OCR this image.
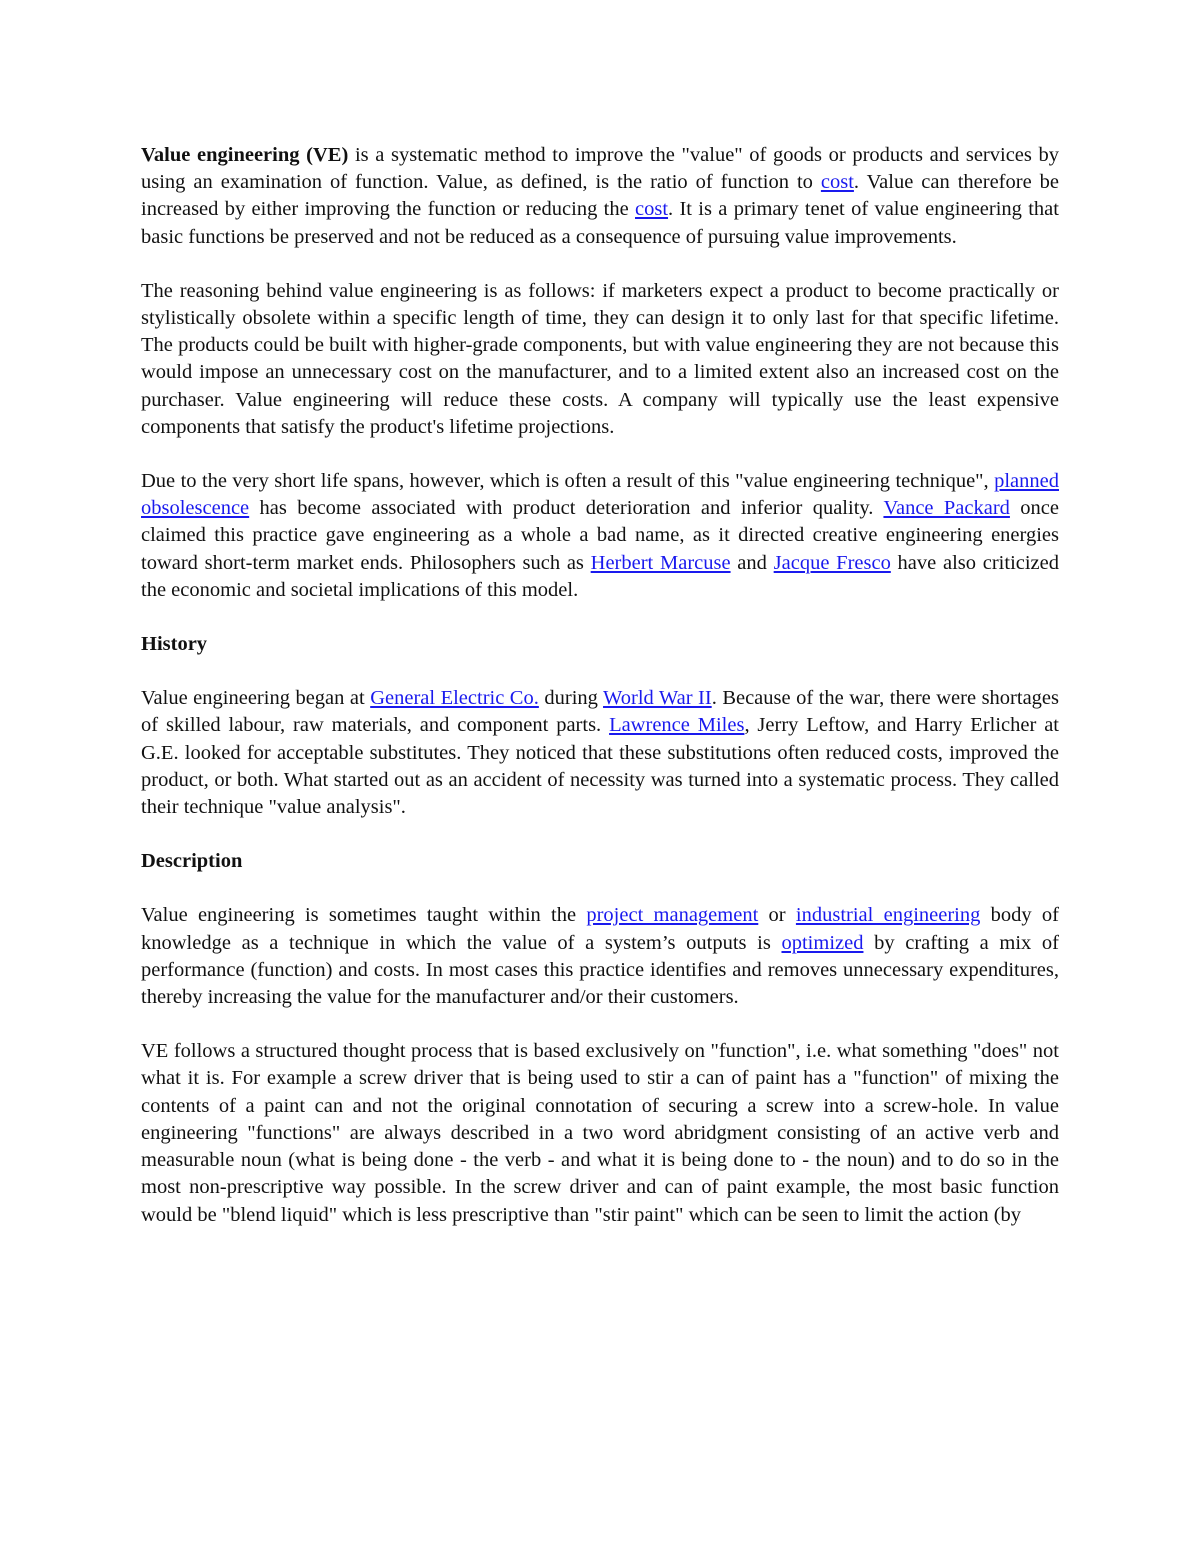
Value engineering (VE) is a systematic method to improve the "value" of goods or products and services by using an examination of function. Value, as defined, is the ratio of function to cost. Value can therefore be increased by either improving the function or reducing the cost. It is a primary tenet of value engineering that basic functions be preserved and not be reduced as a consequence of pursuing value improvements.

The reasoning behind value engineering is as follows: if marketers expect a product to become practically or stylistically obsolete within a specific length of time, they can design it to only last for that specific lifetime. The products could be built with higher-grade components, but with value engineering they are not because this would impose an unnecessary cost on the manufacturer, and to a limited extent also an increased cost on the purchaser. Value engineering will reduce these costs. A company will typically use the least expensive components that satisfy the product's lifetime projections.

Due to the very short life spans, however, which is often a result of this "value engineering technique", planned obsolescence has become associated with product deterioration and inferior quality. Vance Packard once claimed this practice gave engineering as a whole a bad name, as it directed creative engineering energies toward short-term market ends. Philosophers such as Herbert Marcuse and Jacque Fresco have also criticized the economic and societal implications of this model.

History

Value engineering began at General Electric Co. during World War II. Because of the war, there were shortages of skilled labour, raw materials, and component parts. Lawrence Miles, Jerry Leftow, and Harry Erlicher at G.E. looked for acceptable substitutes. They noticed that these substitutions often reduced costs, improved the product, or both. What started out as an accident of necessity was turned into a systematic process. They called their technique "value analysis".

Description

Value engineering is sometimes taught within the project management or industrial engineering body of knowledge as a technique in which the value of a system’s outputs is optimized by crafting a mix of performance (function) and costs. In most cases this practice identifies and removes unnecessary expenditures, thereby increasing the value for the manufacturer and/or their customers.

VE follows a structured thought process that is based exclusively on "function", i.e. what something "does" not what it is. For example a screw driver that is being used to stir a can of paint has a "function" of mixing the contents of a paint can and not the original connotation of securing a screw into a screw-hole. In value engineering "functions" are always described in a two word abridgment consisting of an active verb and measurable noun (what is being done - the verb - and what it is being done to - the noun) and to do so in the most non-prescriptive way possible. In the screw driver and can of paint example, the most basic function would be "blend liquid" which is less prescriptive than "stir paint" which can be seen to limit the action (by
